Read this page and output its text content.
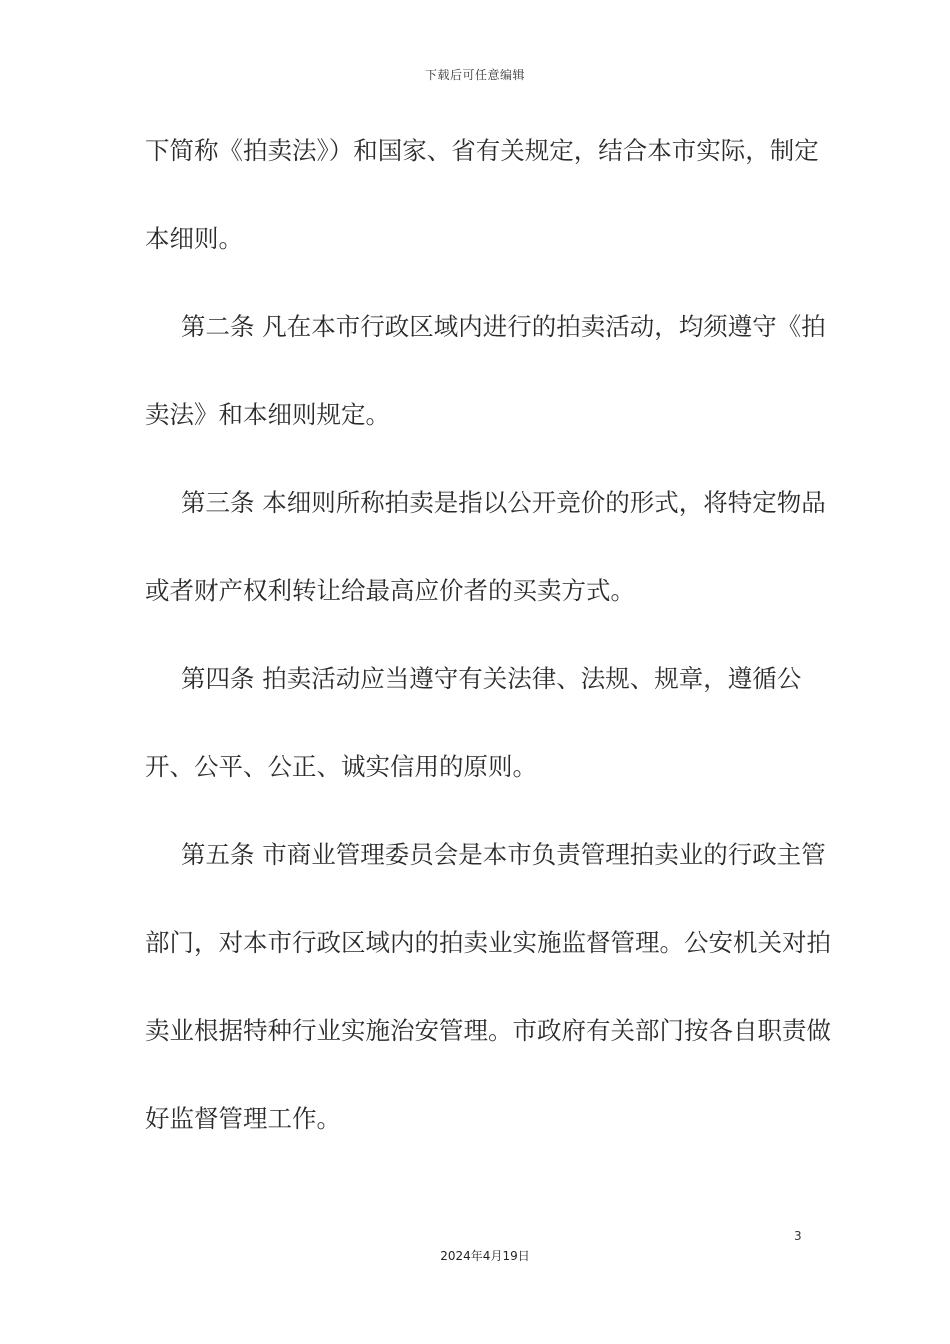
下载后可任意编辑
下简称《拍卖法》）和国家、省有关规定，结合本市实际，制定
本细则。
第二条 凡在本市行政区域内进行的拍卖活动，均须遵守《拍
卖法》和本细则规定。
第三条 本细则所称拍卖是指以公开竞价的形式，将特定物品
或者财产权利转让给最高应价者的买卖方式。
第四条 拍卖活动应当遵守有关法律、法规、规章，遵循公
开、公平、公正、诚实信用的原则。
第五条 市商业管理委员会是本市负责管理拍卖业的行政主管
部门，对本市行政区域内的拍卖业实施监督管理。公安机关对拍
卖业根据特种行业实施治安管理。市政府有关部门按各自职责做
好监督管理工作。
3
2024年4月19日
